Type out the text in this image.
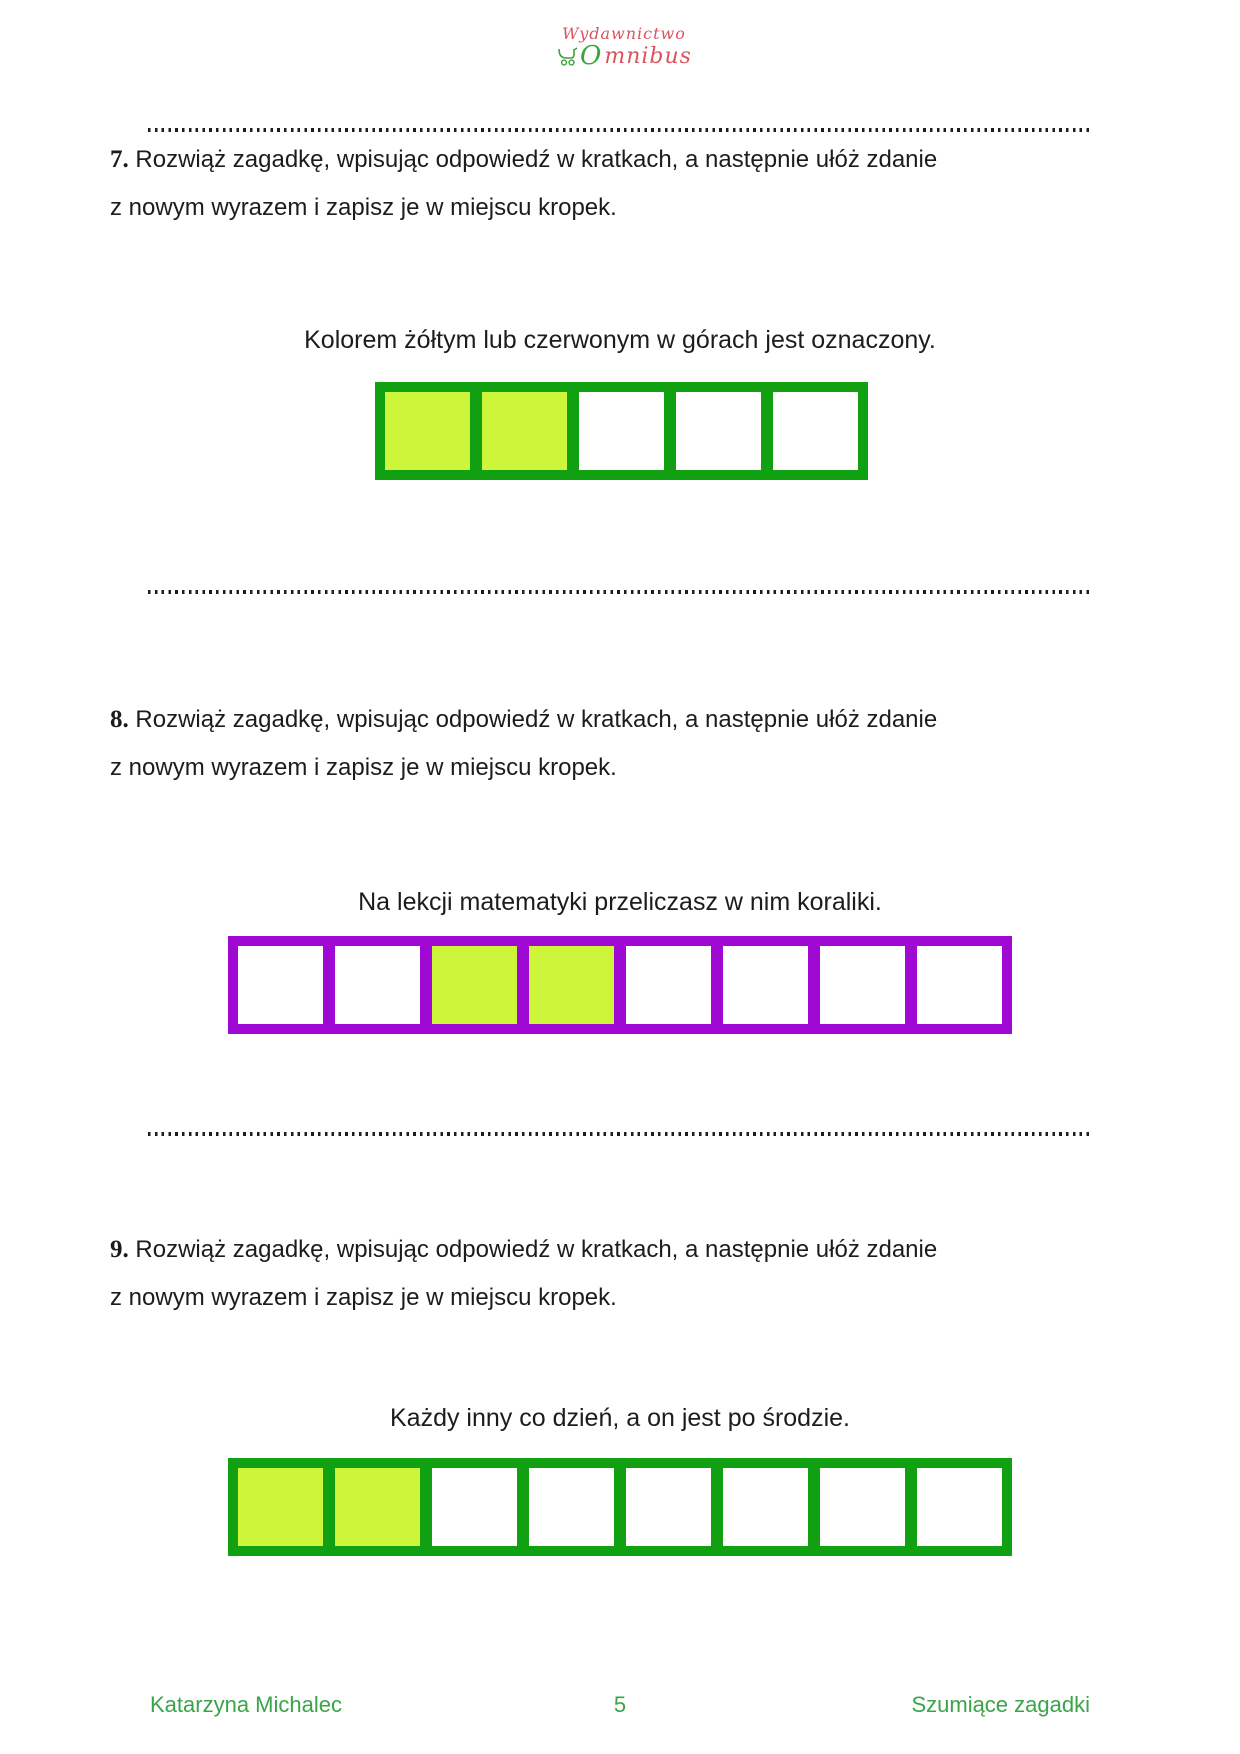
Wydawnictwo
O mnibus

7. Rozwiąż zagadkę, wpisując odpowiedź w kratkach, a następnie ułóż zdanie
z nowym wyrazem i zapisz je w miejscu kropek.

Kolorem żółtym lub czerwonym w górach jest oznaczony.

8. Rozwiąż zagadkę, wpisując odpowiedź w kratkach, a następnie ułóż zdanie
z nowym wyrazem i zapisz je w miejscu kropek.

Na lekcji matematyki przeliczasz w nim koraliki.

9. Rozwiąż zagadkę, wpisując odpowiedź w kratkach, a następnie ułóż zdanie
z nowym wyrazem i zapisz je w miejscu kropek.

Każdy inny co dzień, a on jest po środzie.

Katarzyna Michalec	5	Szumiące zagadki
